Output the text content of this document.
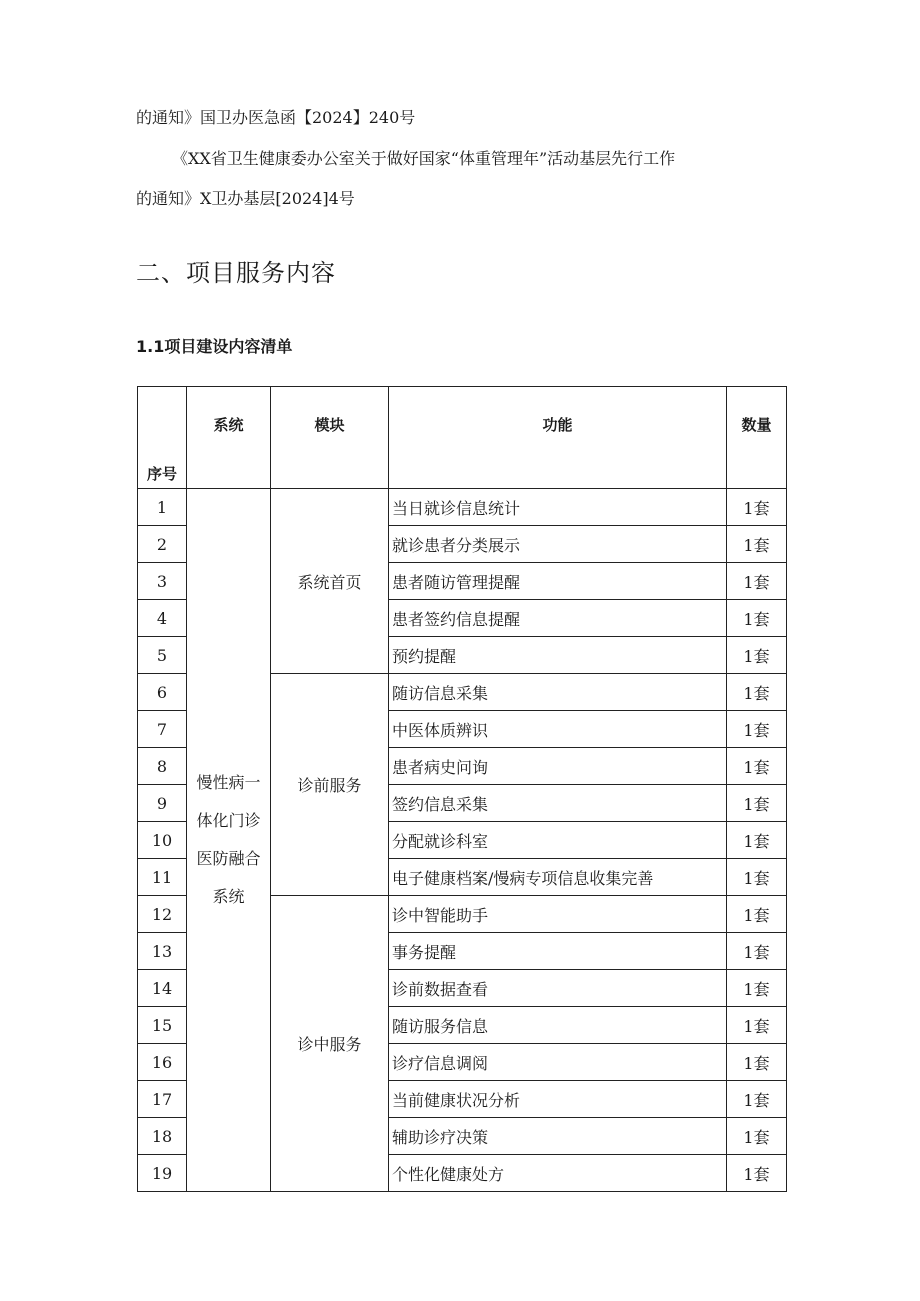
的通知》国卫办医急函【2024】240号
《XX省卫生健康委办公室关于做好国家“体重管理年”活动基层先行工作
的通知》X卫办基层[2024]4号
二、项目服务内容
1.1项目建设内容清单
序号	系统	模块	功能	数量
1	慢性病一
体化门诊
医防融合
系统	系统首页	当日就诊信息统计	1套
2			就诊患者分类展示	1套
3			患者随访管理提醒	1套
4			患者签约信息提醒	1套
5			预约提醒	1套
6		诊前服务	随访信息采集	1套
7			中医体质辨识	1套
8			患者病史问询	1套
9			签约信息采集	1套
10			分配就诊科室	1套
11			电子健康档案/慢病专项信息收集完善	1套
12		诊中服务	诊中智能助手	1套
13			事务提醒	1套
14			诊前数据查看	1套
15			随访服务信息	1套
16			诊疗信息调阅	1套
17			当前健康状况分析	1套
18			辅助诊疗决策	1套
19			个性化健康处方	1套
